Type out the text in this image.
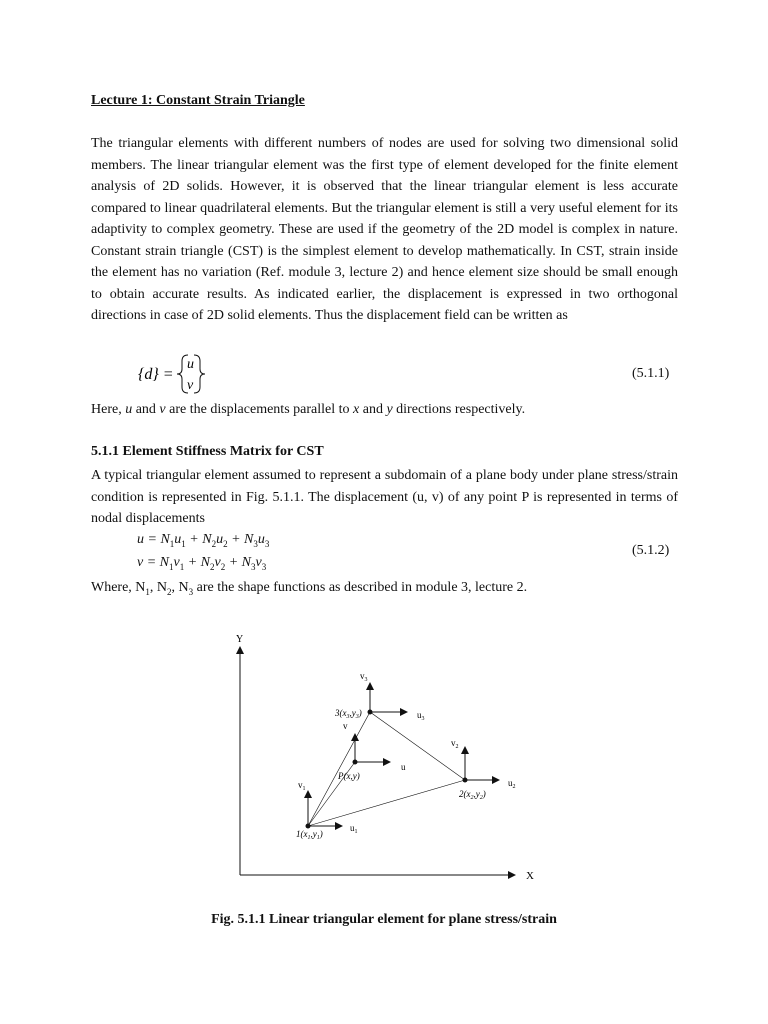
Lecture 1: Constant Strain Triangle

The triangular elements with different numbers of nodes are used for solving two dimensional solid members. The linear triangular element was the first type of element developed for the finite element analysis of 2D solids. However, it is observed that the linear triangular element is less accurate compared to linear quadrilateral elements. But the triangular element is still a very useful element for its adaptivity to complex geometry. These are used if the geometry of the 2D model is complex in nature. Constant strain triangle (CST) is the simplest element to develop mathematically. In CST, strain inside the element has no variation (Ref. module 3, lecture 2) and hence element size should be small enough to obtain accurate results. As indicated earlier, the displacement is expressed in two orthogonal directions in case of 2D solid elements. Thus the displacement field can be written as

{d} =
u
v
(5.1.1)
Here, u and v are the displacements parallel to x and y directions respectively.
5.1.1 Element Stiffness Matrix for CST

A typical triangular element assumed to represent a subdomain of a plane body under plane stress/strain condition is represented in Fig. 5.1.1. The displacement (u, v) of any point P is represented in terms of nodal displacements

$u = N_1u_1 + N_2u_2 + N_3u_3$
$v = N_1v_1 + N_2v_2 + N_3v_3$
(5.1.2)
Where, $N_1$, $N_2$, $N_3$ are the shape functions as described in module 3, lecture 2.
Y
X
$v_1$
$u_1$
$1(x_1,y_1)$
$v_2$
$u_2$
$2(x_2,y_2)$
$v_3$
$u_3$
$3(x_3,y_3)$
v
u
P(x,y)
Fig. 5.1.1 Linear triangular element for plane stress/strain
